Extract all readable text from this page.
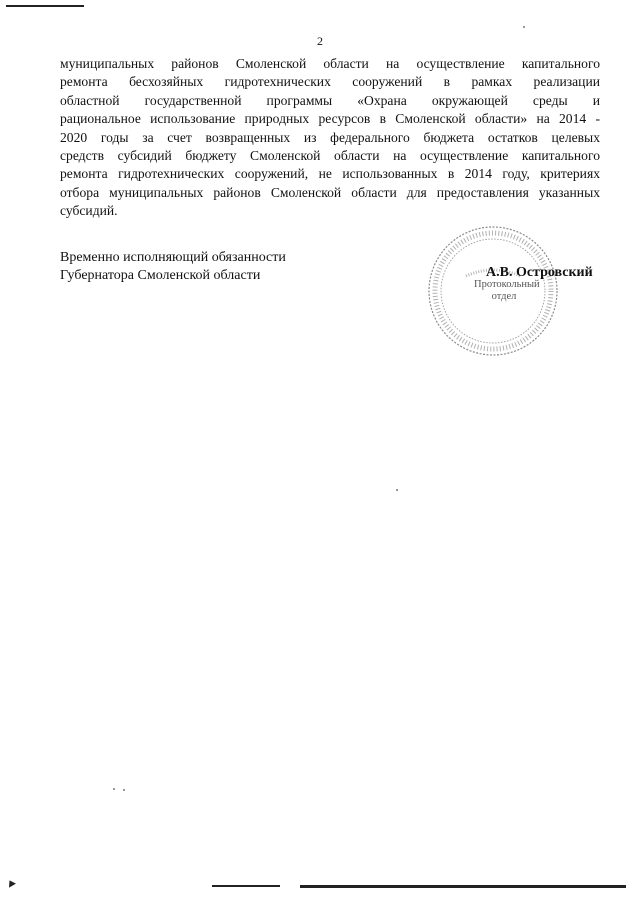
2
муниципальных районов Смоленской области на осуществление капитального
ремонта бесхозяйных гидротехнических сооружений в рамках реализации
областной государственной программы «Охрана окружающей среды и
рациональное использование природных ресурсов в Смоленской области» на 2014 -
2020 годы за счет возвращенных из федерального бюджета остатков целевых
средств субсидий бюджету Смоленской области на осуществление капитального
ремонта гидротехнических сооружений, не использованных в 2014 году, критериях
отбора муниципальных районов Смоленской области для предоставления указанных
субсидий.
Временно исполняющий обязанности
Губернатора Смоленской области
Протокольный
отдел
А.В. Островский
